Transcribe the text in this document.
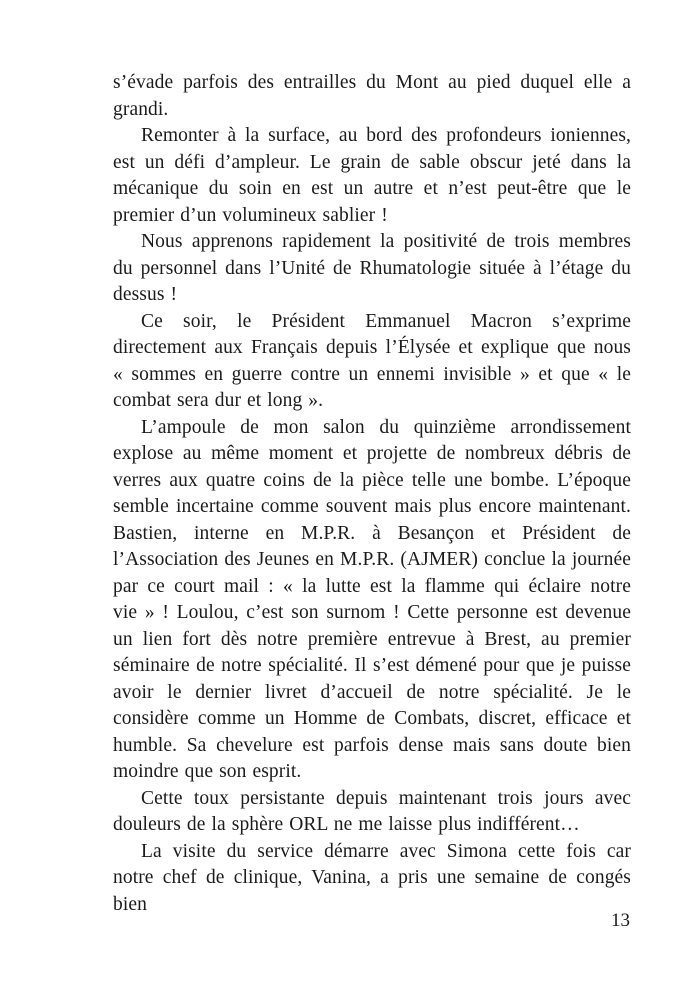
s’évade parfois des entrailles du Mont au pied duquel elle a grandi.

Remonter à la surface, au bord des profondeurs ioniennes, est un défi d’ampleur. Le grain de sable obscur jeté dans la mécanique du soin en est un autre et n’est peut-être que le premier d’un volumineux sablier !

Nous apprenons rapidement la positivité de trois membres du personnel dans l’Unité de Rhumatologie située à l’étage du dessus !

Ce soir, le Président Emmanuel Macron s’exprime directement aux Français depuis l’Élysée et explique que nous « sommes en guerre contre un ennemi invisible » et que « le combat sera dur et long ».

L’ampoule de mon salon du quinzième arrondissement explose au même moment et projette de nombreux débris de verres aux quatre coins de la pièce telle une bombe. L’époque semble incertaine comme souvent mais plus encore maintenant. Bastien, interne en M.P.R. à Besançon et Président de l’Association des Jeunes en M.P.R. (AJMER) conclue la journée par ce court mail : « la lutte est la flamme qui éclaire notre vie » ! Loulou, c’est son surnom ! Cette personne est devenue un lien fort dès notre première entrevue à Brest, au premier séminaire de notre spécialité. Il s’est démené pour que je puisse avoir le dernier livret d’accueil de notre spécialité. Je le considère comme un Homme de Combats, discret, efficace et humble. Sa chevelure est parfois dense mais sans doute bien moindre que son esprit.

Cette toux persistante depuis maintenant trois jours avec douleurs de la sphère ORL ne me laisse plus indifférent…

La visite du service démarre avec Simona cette fois car notre chef de clinique, Vanina, a pris une semaine de congés bien

13
